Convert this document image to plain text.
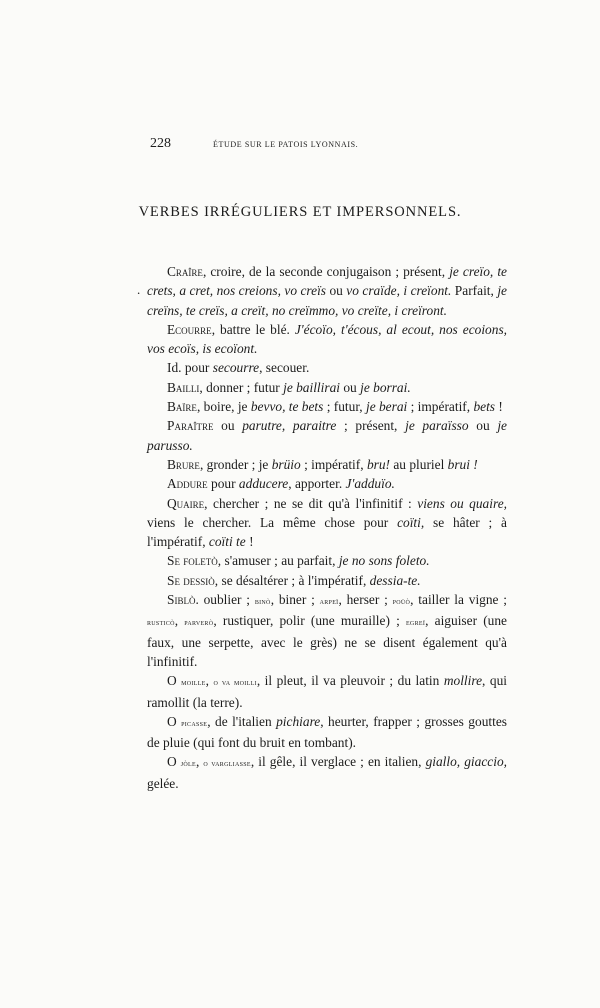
228	ÉTUDE SUR LE PATOIS LYONNAIS.
VERBES IRRÉGULIERS ET IMPERSONNELS.
.

Craîre, croire, de la seconde conjugaison ; présent, je creïo, te crets, a cret, nos creions, vo creïs ou vo craïde, i creïont. Parfait, je creïns, te creïs, a creït, no creïmmo, vo creïte, i creïront.

Ecourre, battre le blé. J'écoïo, t'écous, al ecout, nos ecoions, vos ecoïs, is ecoïont.

Id. pour secourre, secouer.

Bailli, donner ; futur je baillirai ou je borrai.

Baïre, boire, je bevvo, te bets ; futur, je berai ; impératif, bets !

Paraître ou parutre, paraitre ; présent, je paraïsso ou je parusso.

Brure, gronder ; je brüio ; impératif, bru! au pluriel brui !

Addure pour adducere, apporter. J'adduïo.

Quaire, chercher ; ne se dit qu'à l'infinitif : viens ou quaire, viens le chercher. La même chose pour coïti, se hâter ; à l'impératif, coïti te !

Se foletò, s'amuser ; au parfait, je no sons foleto.

Se dessiò, se désaltérer ; à l'impératif, dessia-te.

Siblò. oublier ; binò, biner ; arpeï, herser ; poüò, tailler la vigne ; rusticò, parverò, rustiquer, polir (une muraille) ; egreï, aiguiser (une faux, une serpette, avec le grès) ne se disent également qu'à l'infinitif.

O moille, o va moilli, il pleut, il va pleuvoir ; du latin mollire, qui ramollit (la terre).

O picasse, de l'italien pichiare, heurter, frapper ; grosses gouttes de pluie (qui font du bruit en tombant).

O jòle, o vargliasse, il gêle, il verglace ; en italien, giallo, giaccio, gelée.
